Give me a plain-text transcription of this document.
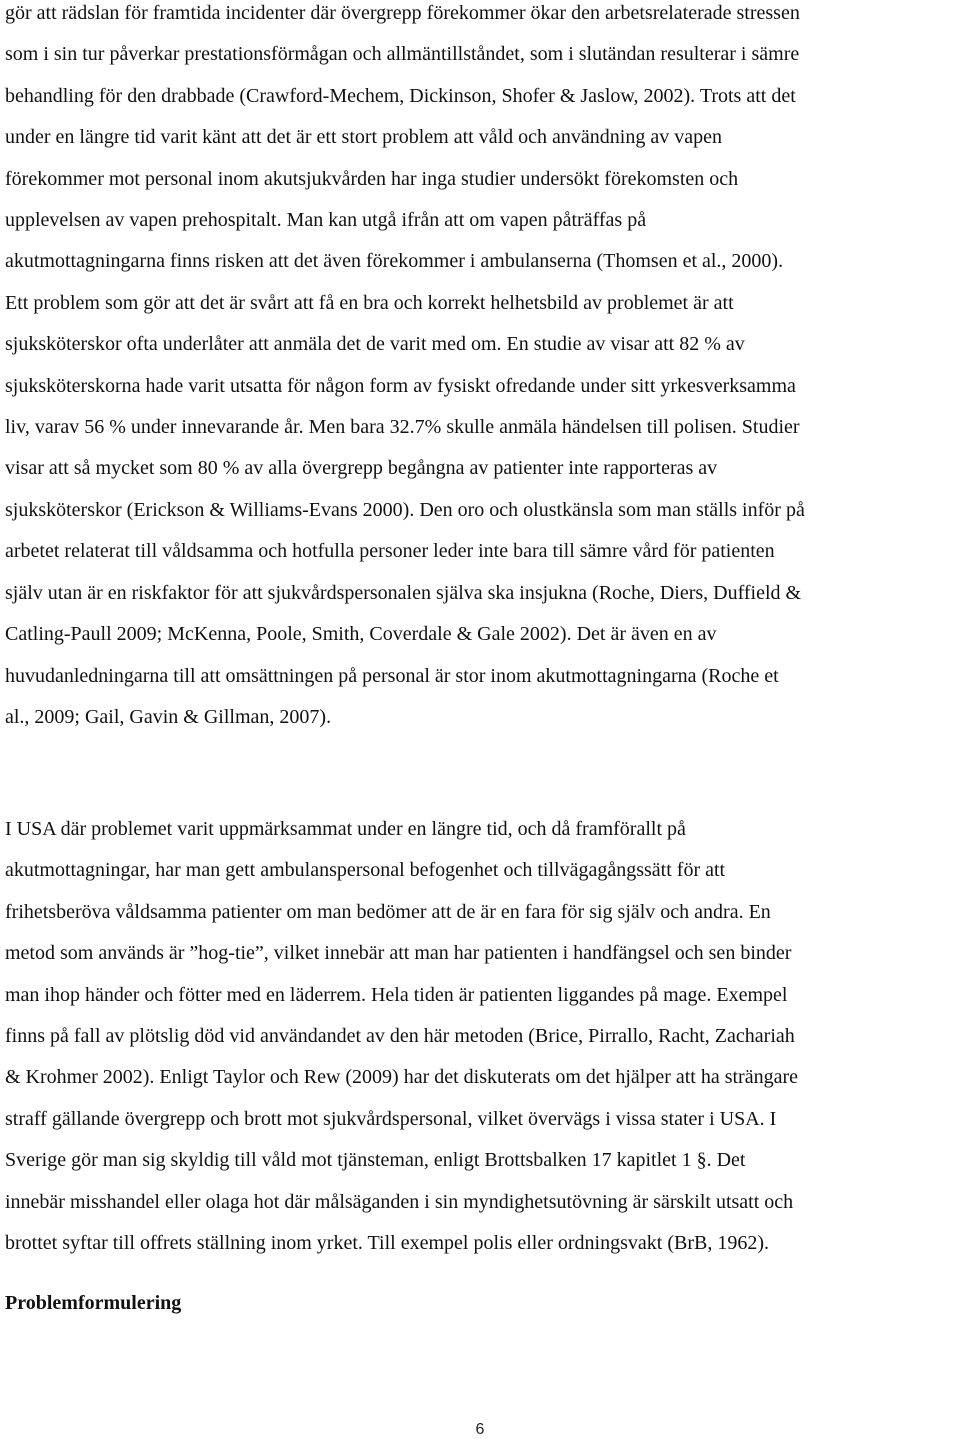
gör att rädslan för framtida incidenter där övergrepp förekommer ökar den arbetsrelaterade stressen
som i sin tur påverkar prestationsförmågan och allmäntillståndet, som i slutändan resulterar i sämre
behandling för den drabbade (Crawford-Mechem, Dickinson, Shofer & Jaslow, 2002). Trots att det
under en längre tid varit känt att det är ett stort problem att våld och användning av vapen
förekommer mot personal inom akutsjukvården har inga studier undersökt förekomsten och
upplevelsen av vapen prehospitalt. Man kan utgå ifrån att om vapen påträffas på
akutmottagningarna finns risken att det även förekommer i ambulanserna (Thomsen et al., 2000).
Ett problem som gör att det är svårt att få en bra och korrekt helhetsbild av problemet är att
sjuksköterskor ofta underlåter att anmäla det de varit med om. En studie av visar att 82 % av
sjuksköterskorna hade varit utsatta för någon form av fysiskt ofredande under sitt yrkesverksamma
liv, varav 56 % under innevarande år. Men bara 32.7% skulle anmäla händelsen till polisen. Studier
visar att så mycket som 80 % av alla övergrepp begångna av patienter inte rapporteras av
sjuksköterskor (Erickson & Williams-Evans 2000). Den oro och olustkänsla som man ställs inför på
arbetet relaterat till våldsamma och hotfulla personer leder inte bara till sämre vård för patienten
själv utan är en riskfaktor för att sjukvårdspersonalen själva ska insjukna (Roche, Diers, Duffield &
Catling-Paull 2009; McKenna, Poole, Smith, Coverdale & Gale 2002). Det är även en av
huvudanledningarna till att omsättningen på personal är stor inom akutmottagningarna (Roche et
al., 2009; Gail, Gavin & Gillman, 2007).
I USA där problemet varit uppmärksammat under en längre tid, och då framförallt på
akutmottagningar, har man gett ambulanspersonal befogenhet och tillvägagångssätt för att
frihetsberöva våldsamma patienter om man bedömer att de är en fara för sig själv och andra. En
metod som används är ”hog-tie”, vilket innebär att man har patienten i handfängsel och sen binder
man ihop händer och fötter med en läderrem. Hela tiden är patienten liggandes på mage. Exempel
finns på fall av plötslig död vid användandet av den här metoden (Brice, Pirrallo, Racht, Zachariah
& Krohmer 2002). Enligt Taylor och Rew (2009) har det diskuterats om det hjälper att ha strängare
straff gällande övergrepp och brott mot sjukvårdspersonal, vilket övervägs i vissa stater i USA. I
Sverige gör man sig skyldig till våld mot tjänsteman, enligt Brottsbalken 17 kapitlet 1 §. Det
innebär misshandel eller olaga hot där målsäganden i sin myndighetsutövning är särskilt utsatt och
brottet syftar till offrets ställning inom yrket. Till exempel polis eller ordningsvakt (BrB, 1962).
Problemformulering
6
